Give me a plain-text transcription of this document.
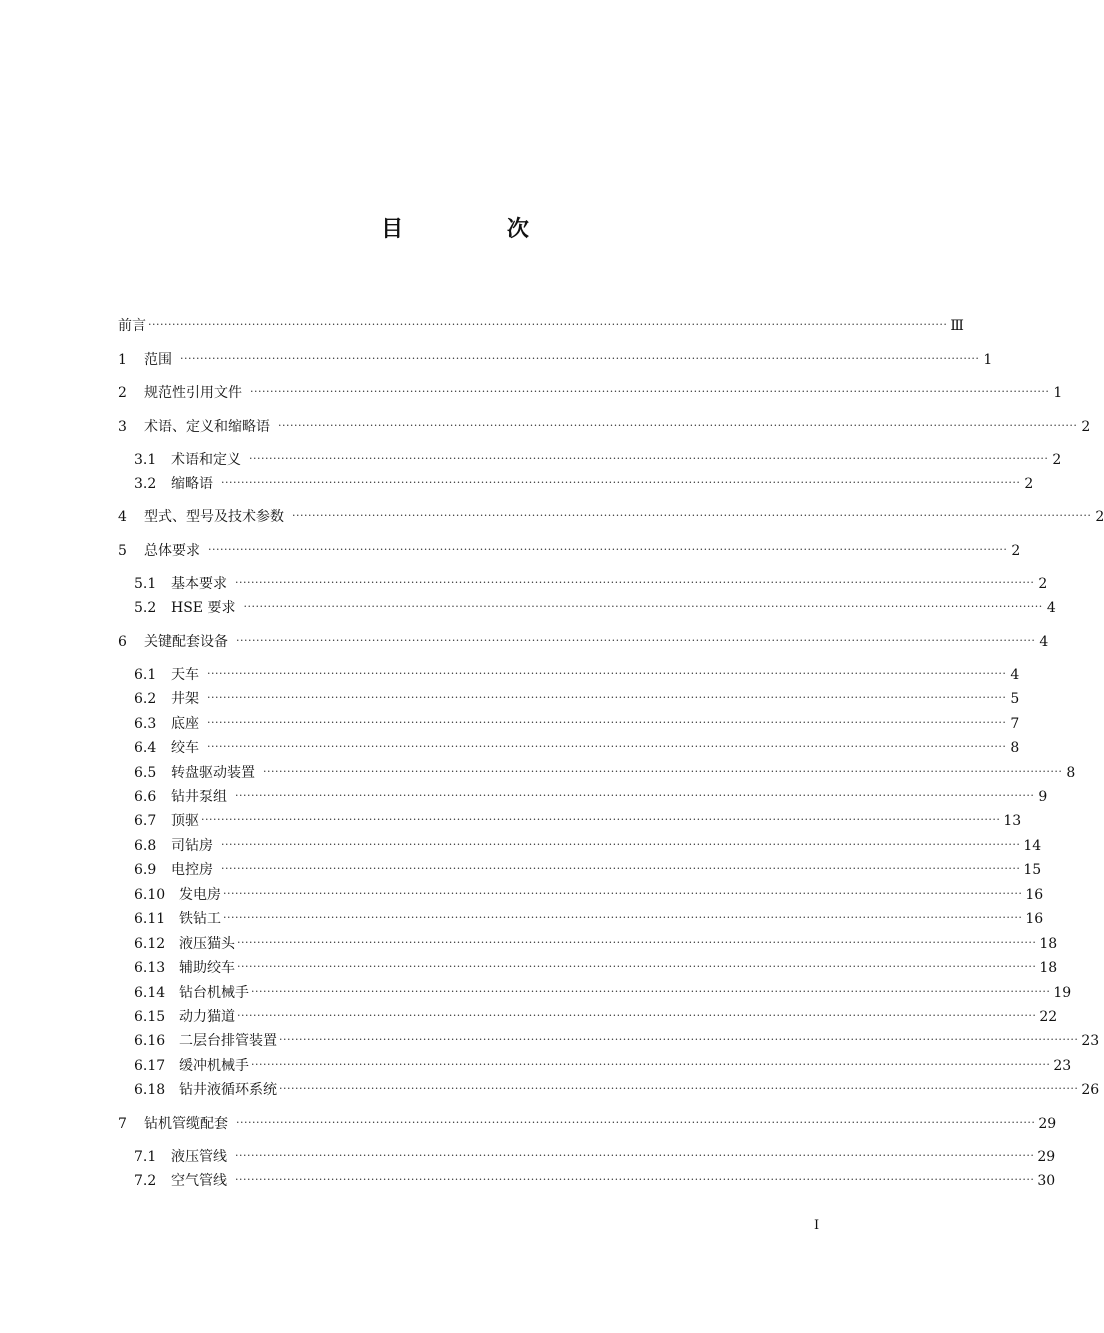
目 次
前言 ········································································································································································································ Ⅲ
1	范围 ········································································································································································································ 1
2	规范性引用文件 ········································································································································································································ 1
3	术语、定义和缩略语 ········································································································································································································ 2
3.1	术语和定义 ········································································································································································································ 2
3.2	缩略语 ········································································································································································································ 2
4	型式、型号及技术参数 ········································································································································································································ 2
5	总体要求 ········································································································································································································ 2
5.1	基本要求 ········································································································································································································ 2
5.2	HSE 要求 ········································································································································································································ 4
6	关键配套设备 ········································································································································································································ 4
6.1	天车 ········································································································································································································ 4
6.2	井架 ········································································································································································································ 5
6.3	底座 ········································································································································································································ 7
6.4	绞车 ········································································································································································································ 8
6.5	转盘驱动装置 ········································································································································································································ 8
6.6	钻井泵组 ········································································································································································································ 9
6.7	顶驱 ········································································································································································································ 13
6.8	司钻房 ········································································································································································································ 14
6.9	电控房 ········································································································································································································ 15
6.10 发电房 ········································································································································································································ 16
6.11 铁钻工 ········································································································································································································ 16
6.12 液压猫头 ········································································································································································································ 18
6.13 辅助绞车 ········································································································································································································ 18
6.14 钻台机械手 ········································································································································································································ 19
6.15 动力猫道 ········································································································································································································ 22
6.16 二层台排管装置 ········································································································································································································ 23
6.17 缓冲机械手 ········································································································································································································ 23
6.18 钻井液循环系统 ········································································································································································································ 26
7	钻机管缆配套 ········································································································································································································ 29
7.1	液压管线 ········································································································································································································ 29
7.2	空气管线 ········································································································································································································ 30
I
